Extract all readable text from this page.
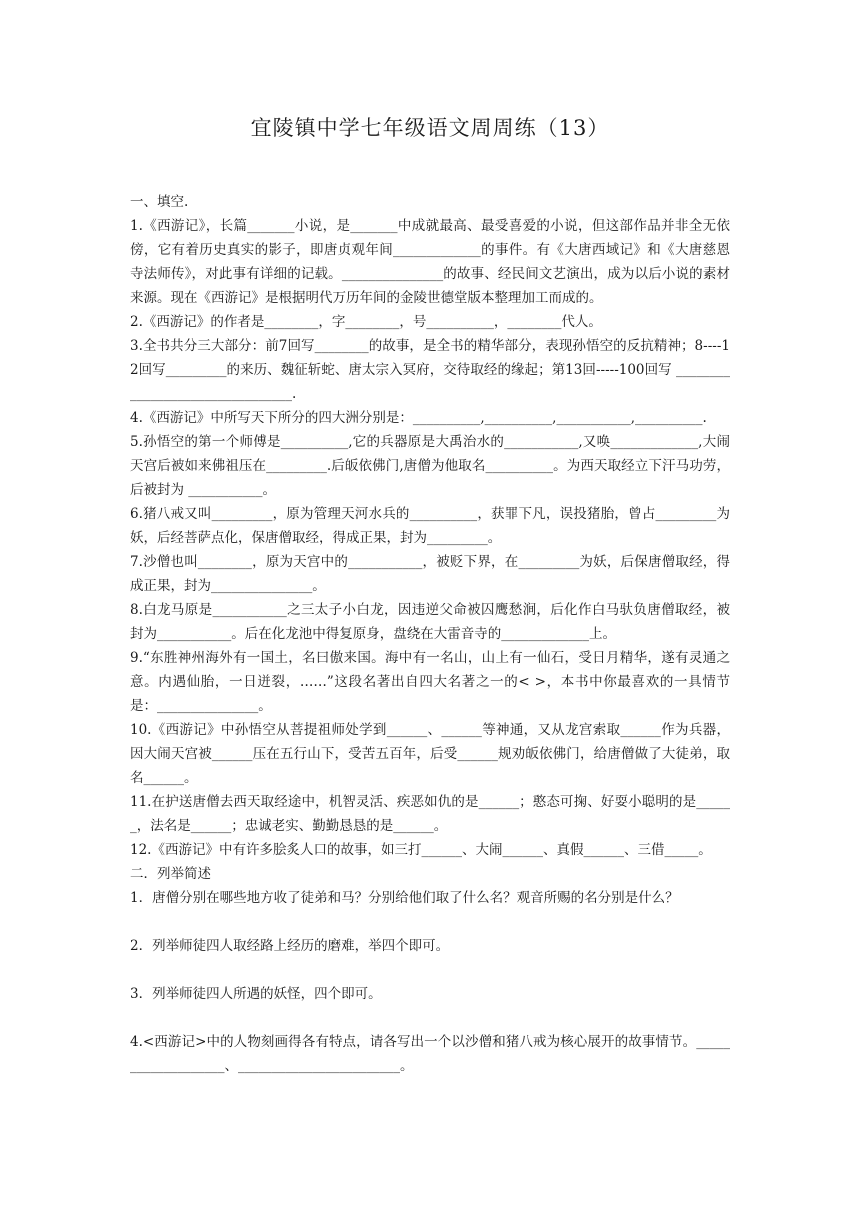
宜陵镇中学七年级语文周周练（13）

一、填空.

1.《西游记》，长篇_______小说，是_______中成就最高、最受喜爱的小说，但这部作品并非全无依傍，它有着历史真实的影子，即唐贞观年间_____________的事件。有《大唐西域记》和《大唐慈恩寺法师传》，对此事有详细的记载。_______________的故事、经民间文艺演出，成为以后小说的素材来源。现在《西游记》是根据明代万历年间的金陵世德堂版本整理加工而成的。

2.《西游记》的作者是________，字________，号__________，________代人。

3.全书共分三大部分：前7回写________的故事，是全书的精华部分，表现孙悟空的反抗精神；8----12回写_________的来历、魏征斩蛇、唐太宗入冥府，交待取经的缘起；第13回-----100回写 ________________________________.

4.《西游记》中所写天下所分的四大洲分别是：__________,__________,___________,__________.

5.孙悟空的第一个师傅是__________,它的兵器原是大禹治水的___________,又唤_____________,大闹天宫后被如来佛祖压在_________.后皈依佛门,唐僧为他取名__________。为西天取经立下汗马功劳，后被封为 ___________。

6.猪八戒又叫_________，原为管理天河水兵的__________，获罪下凡，误投猪胎，曾占_________为妖，后经菩萨点化，保唐僧取经，得成正果，封为_________。

7.沙僧也叫________，原为天宫中的___________，被贬下界，在_________为妖，后保唐僧取经，得成正果，封为_______________。

8.白龙马原是___________之三太子小白龙，因违逆父命被囚鹰愁涧，后化作白马驮负唐僧取经，被封为___________。后在化龙池中得复原身，盘绕在大雷音寺的_____________上。

9.“东胜神州海外有一国土，名曰傲来国。海中有一名山，山上有一仙石，受日月精华，遂有灵通之意。内遇仙胎，一日迸裂，……”这段名著出自四大名著之一的< >，本书中你最喜欢的一具情节是：_______________。

10.《西游记》中孙悟空从菩提祖师处学到______、______等神通，又从龙宫索取______作为兵器，因大闹天宫被______压在五行山下，受苦五百年，后受______规劝皈依佛门，给唐僧做了大徒弟，取名______。

11.在护送唐僧去西天取经途中，机智灵活、疾恶如仇的是______；憨态可掬、好耍小聪明的是______，法名是______；忠诚老实、勤勤恳恳的是______。

12.《西游记》中有许多脍炙人口的故事，如三打______、大闹______、真假______、三借_____。

二．列举简述

1．唐僧分别在哪些地方收了徒弟和马？分别给他们取了什么名？观音所赐的名分别是什么？

2．列举师徒四人取经路上经历的磨难，举四个即可。

3．列举师徒四人所遇的妖怪，四个即可。

4.<西游记>中的人物刻画得各有特点，请各写出一个以沙僧和猪八戒为核心展开的故事情节。___________________、________________________。
